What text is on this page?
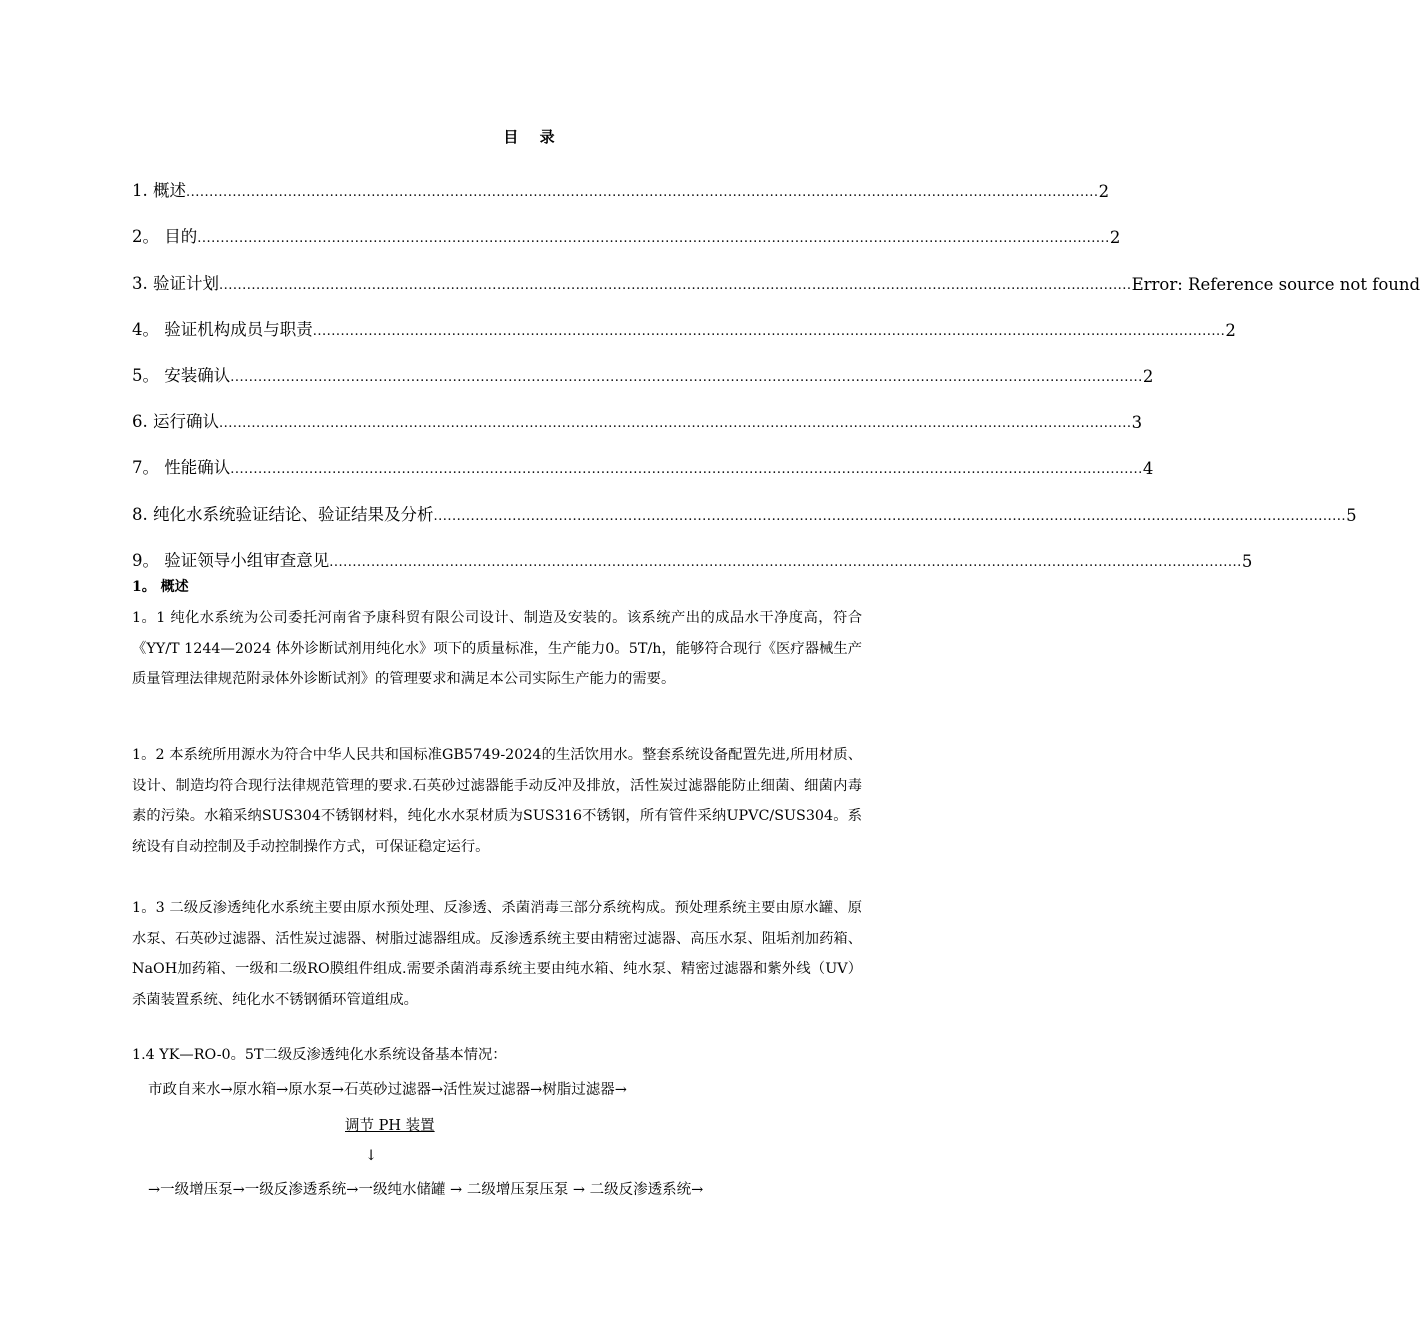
目 录
1. 概述 ..................................................................................................................................................................................................... 2
2。 目的 ..................................................................................................................................................................................................... 2
3. 验证计划 ..................................................................................................................................................................................................... Error: Reference source not found
4。 验证机构成员与职责 ..................................................................................................................................................................................................... 2
5。 安装确认 ..................................................................................................................................................................................................... 2
6. 运行确认 ..................................................................................................................................................................................................... 3
7。 性能确认 ..................................................................................................................................................................................................... 4
8. 纯化水系统验证结论、验证结果及分析 ..................................................................................................................................................................................................... 5
9。 验证领导小组审查意见 ..................................................................................................................................................................................................... 5
1。 概述
1。1 纯化水系统为公司委托河南省予康科贸有限公司设计、制造及安装的。该系统产出的成品水干净度高，符合《YY/T 1244—2024 体外诊断试剂用纯化水》项下的质量标准，生产能力0。5T/h，能够符合现行《医疗器械生产质量管理法律规范附录体外诊断试剂》的管理要求和满足本公司实际生产能力的需要。
1。2 本系统所用源水为符合中华人民共和国标准GB5749-2024的生活饮用水。整套系统设备配置先进,所用材质、设计、制造均符合现行法律规范管理的要求.石英砂过滤器能手动反冲及排放，活性炭过滤器能防止细菌、细菌内毒素的污染。水箱采纳SUS304不锈钢材料，纯化水水泵材质为SUS316不锈钢，所有管件采纳UPVC/SUS304。系统设有自动控制及手动控制操作方式，可保证稳定运行。
1。3 二级反渗透纯化水系统主要由原水预处理、反渗透、杀菌消毒三部分系统构成。预处理系统主要由原水罐、原水泵、石英砂过滤器、活性炭过滤器、树脂过滤器组成。反渗透系统主要由精密过滤器、高压水泵、阻垢剂加药箱、NaOH加药箱、一级和二级RO膜组件组成.需要杀菌消毒系统主要由纯水箱、纯水泵、精密过滤器和紫外线（UV）杀菌装置系统、纯化水不锈钢循环管道组成。
1.4 YK—RO-0。5T二级反渗透纯化水系统设备基本情况：
市政自来水→原水箱→原水泵→石英砂过滤器→活性炭过滤器→树脂过滤器→
调节 PH 装置
↓
→一级增压泵→一级反渗透系统→一级纯水储罐 → 二级增压泵压泵 → 二级反渗透系统→
